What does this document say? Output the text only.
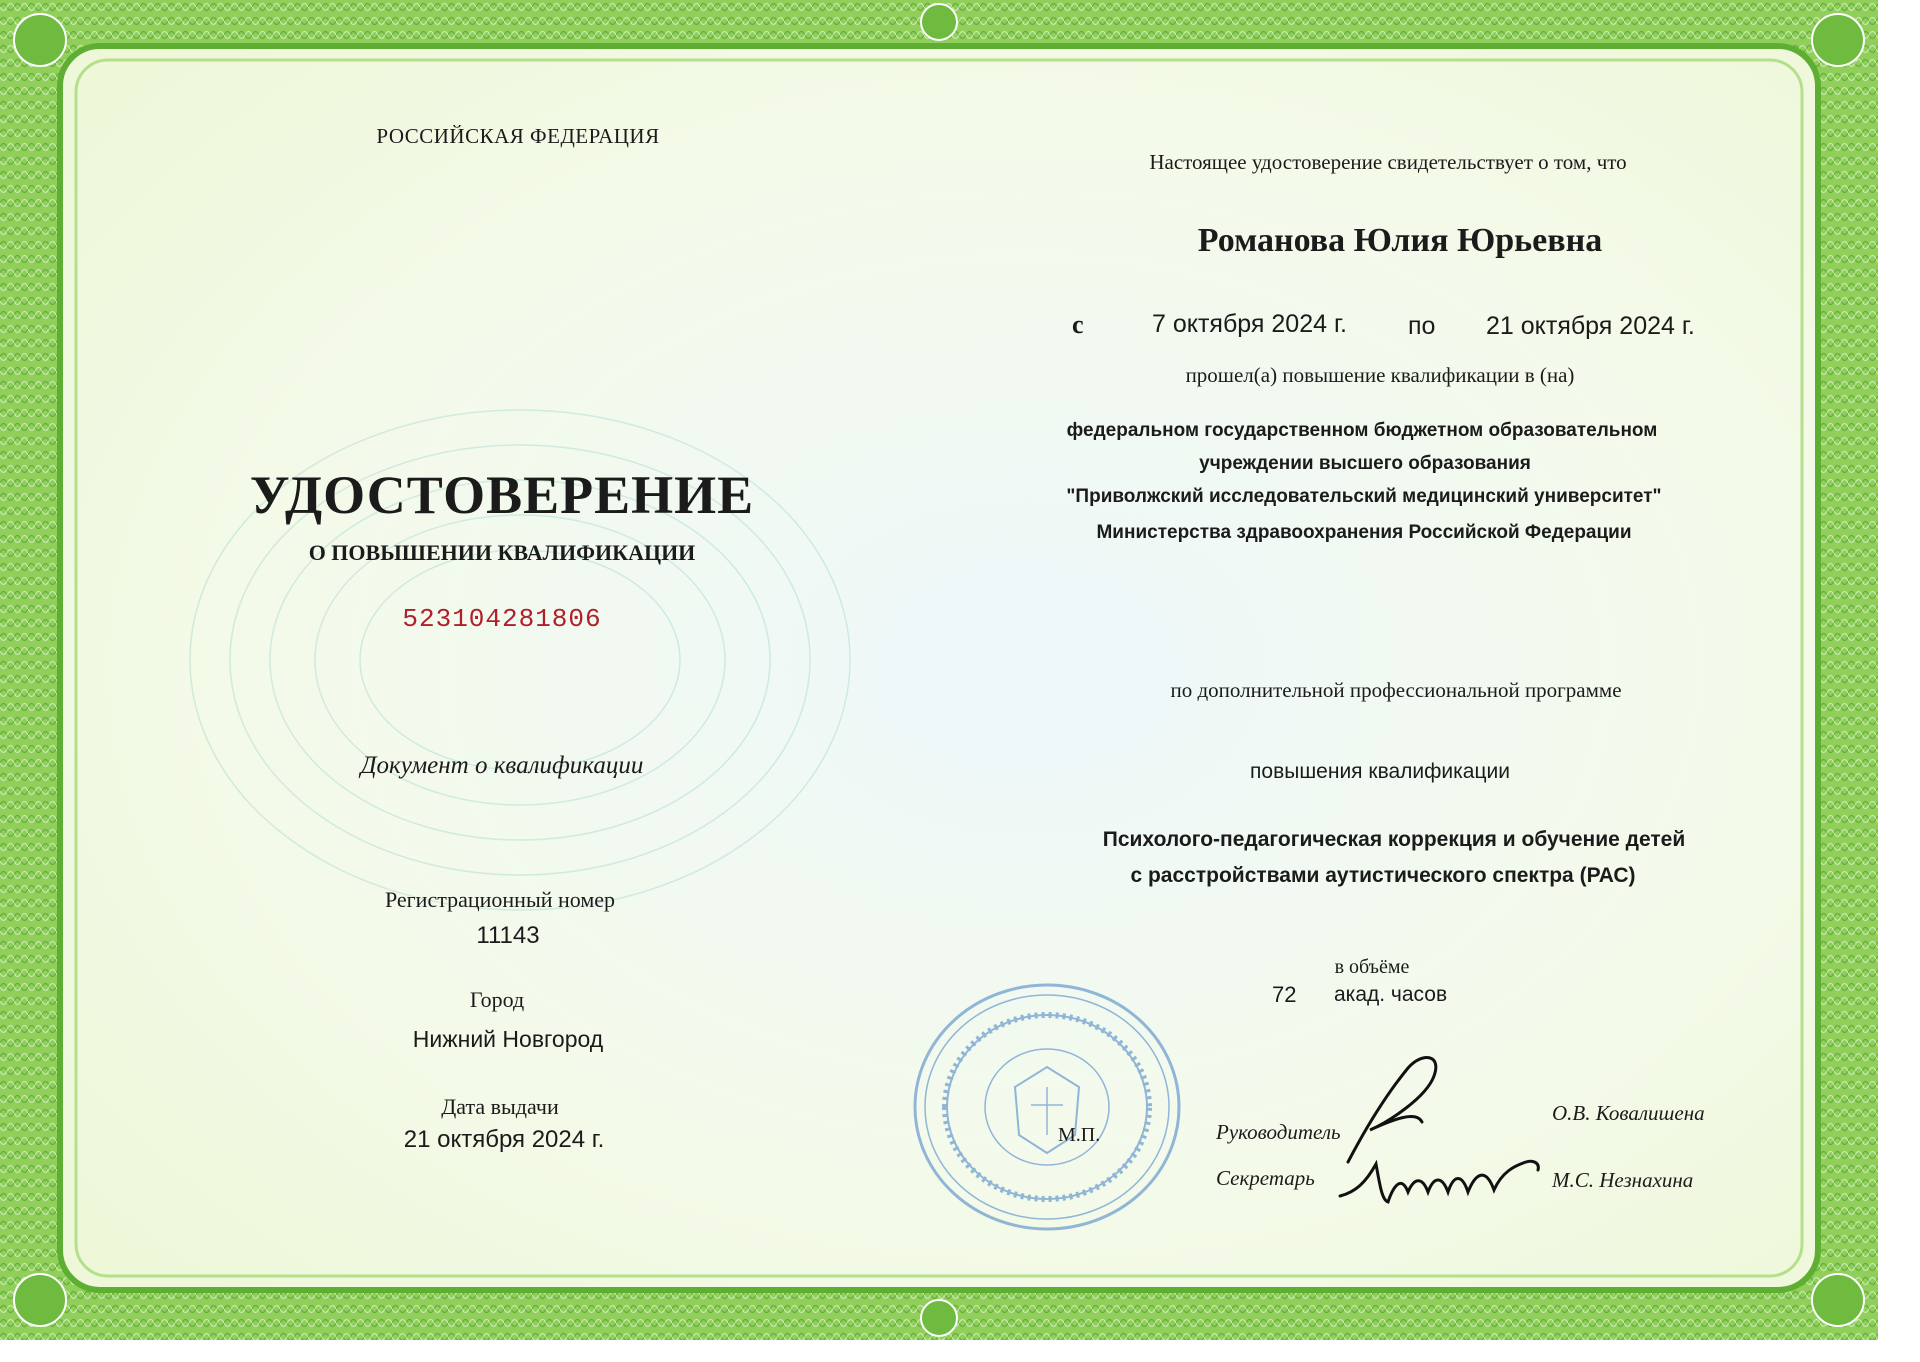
РОССИЙСКАЯ ФЕДЕРАЦИЯ
УДОСТОВЕРЕНИЕ
О ПОВЫШЕНИИ КВАЛИФИКАЦИИ
523104281806
Документ о квалификации
Регистрационный номер
11143
Город
Нижний Новгород
Дата выдачи
21 октября 2024 г.
Настоящее удостоверение свидетельствует о том, что
Романова Юлия Юрьевна
с	7 октября 2024 г. по 21 октября 2024 г.
прошел(а) повышение квалификации в (на)
федеральном государственном бюджетном образовательном
учреждении высшего образования
"Приволжский исследовательский медицинский университет"
Министерства здравоохранения Российской Федерации
по дополнительной профессиональной программе
повышения квалификации
Психолого-педагогическая коррекция и обучение детей
с расстройствами аутистического спектра (РАС)
в объёме
72 акад. часов
М.П.	Руководитель
Секретарь
О.В. Ковалишена
М.С. Незнахина
